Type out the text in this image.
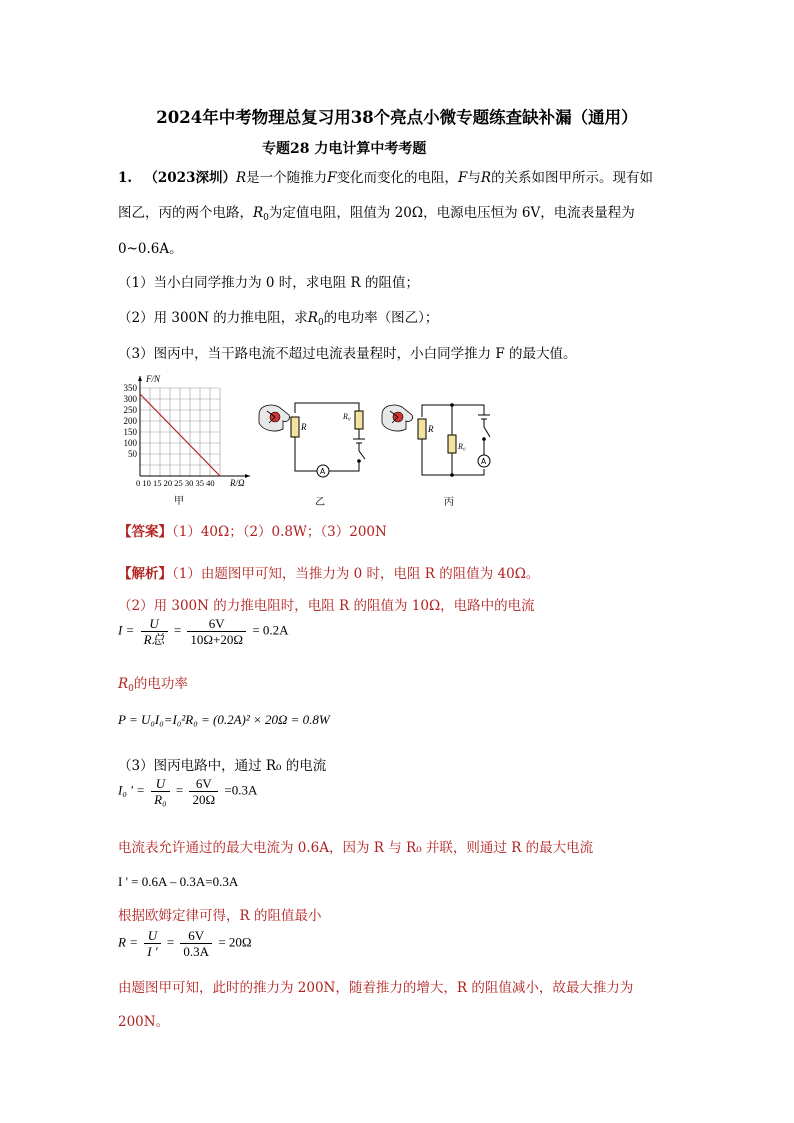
2024年中考物理总复习用38个亮点小微专题练查缺补漏（通用）
专题28 力电计算中考考题
1. （2023深圳）R是一个随推力F变化而变化的电阻，F与R的关系如图甲所示。现有如
图乙，丙的两个电路，$R_0$为定值电阻，阻值为 20Ω，电源电压恒为 6V，电流表量程为
0~0.6A。
（1）当小白同学推力为 0 时，求电阻 R 的阻值；
（2）用 300N 的力推电阻，求$R_0$的电功率（图乙）；
（3）图丙中，当干路电流不超过电流表量程时，小白同学推力 F 的最大值。
F/N
350
300
250
200
150
100
50
0 10 15 20 25 30 35 40 R/Ω
甲
R
R₀
A
乙
R
R₀
A
丙
【答案】（1）40Ω；（2）0.8W；（3）200N
【解析】（1）由题图甲可知，当推力为 0 时，电阻 R 的阻值为 40Ω。
（2）用 300N 的力推电阻时，电阻 R 的阻值为 10Ω，电路中的电流
$I = \frac{U}{\text{R总}} = \frac{6V}{10\Omega+20\Omega} = 0.2A$
$R_0$的电功率
P = U₀I₀=I₀²R₀ = (0.2A)² × 20Ω = 0.8W
（3）图丙电路中，通过 R₀ 的电流
I₀ ' = $\frac{U}{\text{R₀}} = \frac{6V}{20\Omega} =0.3A$
电流表允许通过的最大电流为 0.6A，因为 R 与 R₀ 并联，则通过 R 的最大电流
I ' = 0.6A – 0.3A=0.3A
根据欧姆定律可得，R 的阻值最小
$R = \frac{U}{I '} = \frac{6V}{0.3A} = 20\Omega$
由题图甲可知，此时的推力为 200N，随着推力的增大，R 的阻值减小，故最大推力为
200N。
